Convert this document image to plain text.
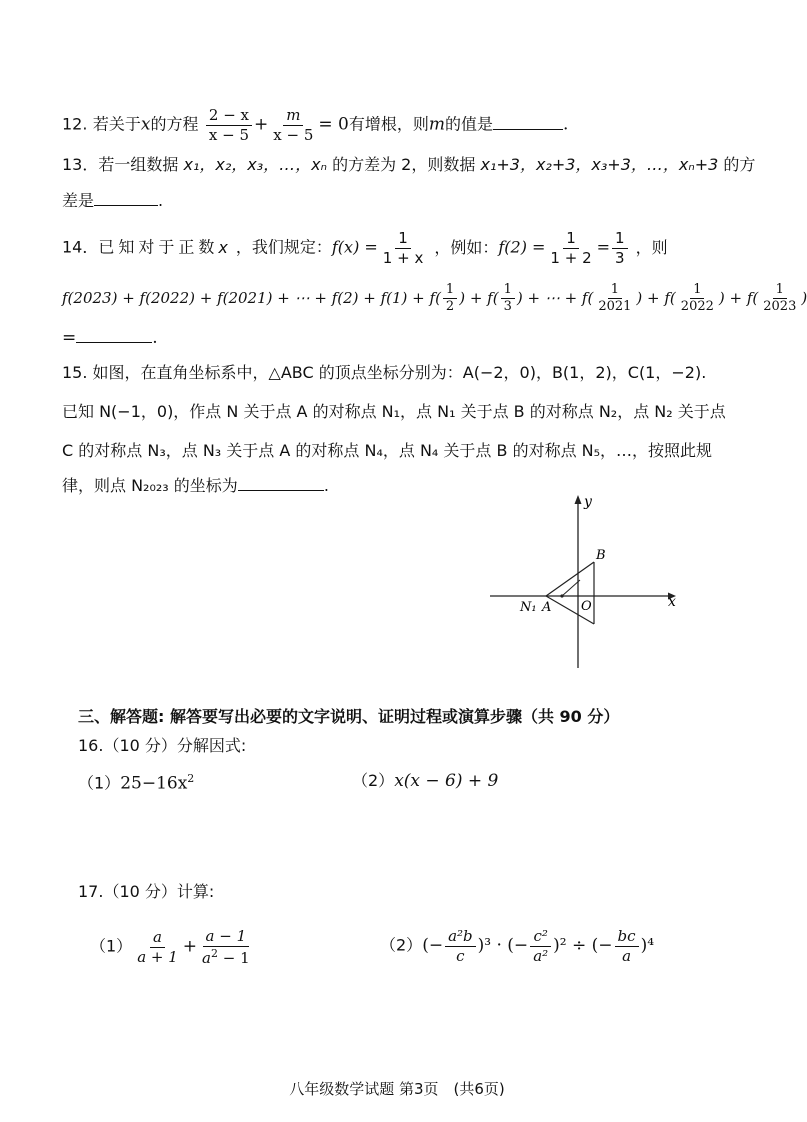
12. 若关于x的方程 $\frac{2 - x}{x - 5} + \frac{m}{x - 5} = 0$有增根，则m的值是	.
13．若一组数据 x₁，x₂，x₃，…，xₙ 的方差为 2，则数据 x₁+3，x₂+3，x₃+3，…，xₙ+3 的方
差是	.
14．已知对于正数x ，我们规定：$f(x) = \frac{1}{1 + x}$ ，例如：$f(2) = \frac{1}{1 + 2} = \frac{1}{3}$ ，则
f(2023) + f(2022) + f(2021) + ⋯ + $f(2) + f(1) + f( \frac{1}{2}$ ) + $f( \frac{1}{3}$ ) + ⋯ + $f( \frac{1}{2021}$ ) + $f( \frac{1}{2022}$ ) + $f( \frac{1}{2023}$ )
=	.
15. 如图，在直角坐标系中，△ABC 的顶点坐标分别为：A(−2，0)，B(1，2)，C(1，−2).
已知 N(−1，0)，作点 N 关于点 A 的对称点 N₁，点 N₁ 关于点 B 的对称点 N₂，点 N₂ 关于点
C 的对称点 N₃，点 N₃ 关于点 A 的对称点 N₄，点 N₄ 关于点 B 的对称点 N₅，…，按照此规
律，则点 N₂₀₂₃ 的坐标为	.
y
x
B
O
N₁ A
三、解答题: 解答要写出必要的文字说明、证明过程或演算步骤（共 90 分）
16.（10 分）分解因式:
$(1)25-16x^2$	（2）x(x − 6) + 9
17.（10 分）计算:
$(1) \frac{a}{a + 1} + \frac{a - 1}{a^2 - 1}$	$(2)(- \frac{\text{a²b}}{c} )^3$ · (− $\frac{\text{c²}}{\text{a²}} )^2$ ÷ (− $\frac{bc}{a} )^4$
八年级数学试题 第3页　(共6页)
